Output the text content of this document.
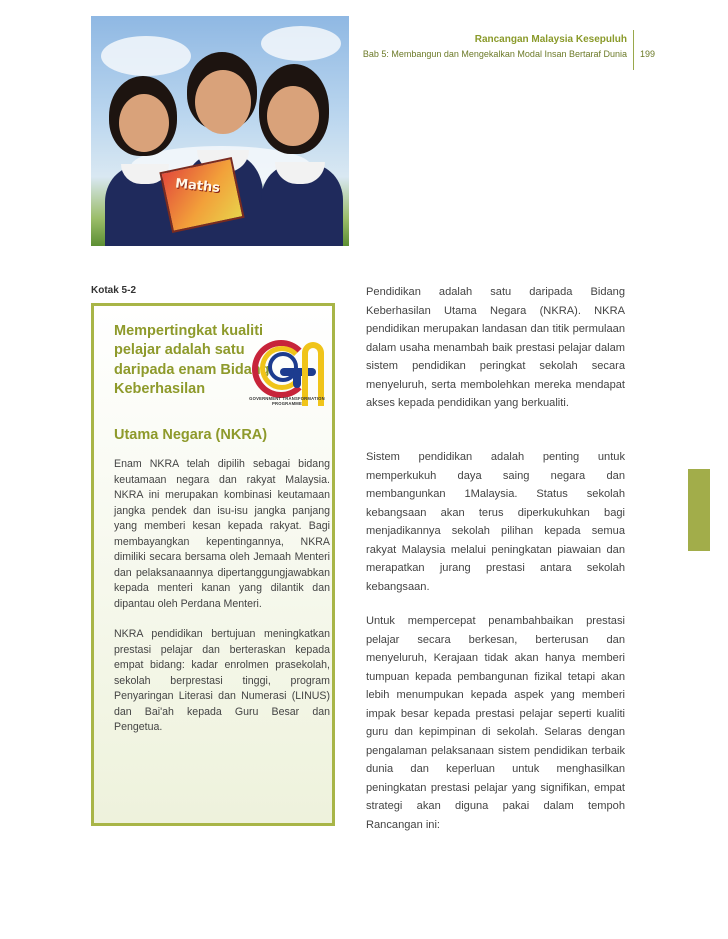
Maths
Rancangan Malaysia Kesepuluh
Bab 5: Membangun dan Mengekalkan Modal Insan Bertaraf Dunia 199
Kotak 5-2
Mempertingkat kualiti pelajar adalah satu daripada enam Bidang Keberhasilan
Utama Negara (NKRA)
GOVERNMENT TRANSFORMATION PROGRAMME

Enam NKRA telah dipilih sebagai bidang keutamaan negara dan rakyat Malaysia. NKRA ini merupakan kombinasi keutamaan jangka pendek dan isu-isu jangka panjang yang memberi kesan kepada rakyat. Bagi membayangkan kepentingannya, NKRA dimiliki secara bersama oleh Jemaah Menteri dan pelaksanaannya dipertanggungjawabkan kepada menteri kanan yang dilantik dan dipantau oleh Perdana Menteri.

NKRA pendidikan bertujuan meningkatkan prestasi pelajar dan berteraskan kepada empat bidang: kadar enrolmen prasekolah, sekolah berprestasi tinggi, program Penyaringan Literasi dan Numerasi (LINUS) dan Bai'ah kepada Guru Besar dan Pengetua.

Pendidikan adalah satu daripada Bidang Keberhasilan Utama Negara (NKRA). NKRA pendidikan merupakan landasan dan titik permulaan dalam usaha menambah baik prestasi pelajar dalam sistem pendidikan peringkat sekolah secara menyeluruh, serta membolehkan mereka mendapat akses kepada pendidikan yang berkualiti.

Sistem pendidikan adalah penting untuk memperkukuh daya saing negara dan membangunkan 1Malaysia. Status sekolah kebangsaan akan terus diperkukuhkan bagi menjadikannya sekolah pilihan kepada semua rakyat Malaysia melalui peningkatan piawaian dan merapatkan jurang prestasi antara sekolah kebangsaan.

Untuk mempercepat penambahbaikan prestasi pelajar secara berkesan, berterusan dan menyeluruh, Kerajaan tidak akan hanya memberi tumpuan kepada pembangunan fizikal tetapi akan lebih menumpukan kepada aspek yang memberi impak besar kepada prestasi pelajar seperti kualiti guru dan kepimpinan di sekolah. Selaras dengan pengalaman pelaksanaan sistem pendidikan terbaik dunia dan keperluan untuk menghasilkan peningkatan prestasi pelajar yang signifikan, empat strategi akan diguna pakai dalam tempoh Rancangan ini:
